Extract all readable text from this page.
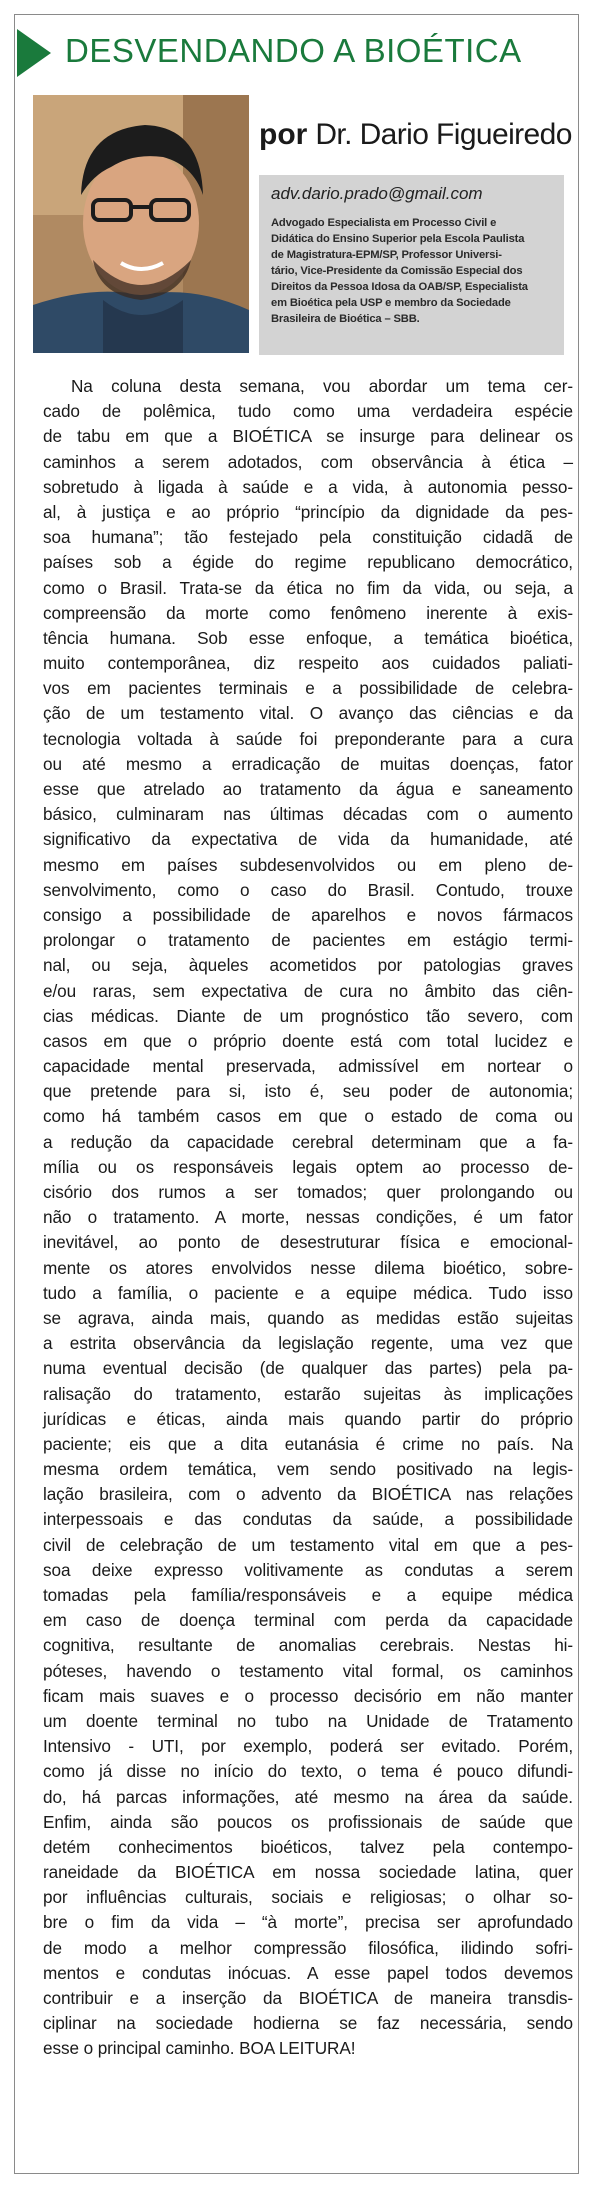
DESVENDANDO A BIOÉTICA
por Dr. Dario Figueiredo
adv.dario.prado@gmail.com
Advogado Especialista em Processo Civil e
Didática do Ensino Superior pela Escola Paulista
de Magistratura-EPM/SP, Professor Universi-
tário, Vice-Presidente da Comissão Especial dos
Direitos da Pessoa Idosa da OAB/SP, Especialista
em Bioética pela USP e membro da Sociedade
Brasileira de Bioética – SBB.
Na coluna desta semana, vou abordar um tema cer-
cado de polêmica, tudo como uma verdadeira espécie
de tabu em que a BIOÉTICA se insurge para delinear os
caminhos a serem adotados, com observância à ética –
sobretudo à ligada à saúde e a vida, à autonomia pesso-
al, à justiça e ao próprio “princípio da dignidade da pes-
soa humana”; tão festejado pela constituição cidadã de
países sob a égide do regime republicano democrático,
como o Brasil. Trata-se da ética no fim da vida, ou seja, a
compreensão da morte como fenômeno inerente à exis-
tência humana. Sob esse enfoque, a temática bioética,
muito contemporânea, diz respeito aos cuidados paliati-
vos em pacientes terminais e a possibilidade de celebra-
ção de um testamento vital. O avanço das ciências e da
tecnologia voltada à saúde foi preponderante para a cura
ou até mesmo a erradicação de muitas doenças, fator
esse que atrelado ao tratamento da água e saneamento
básico, culminaram nas últimas décadas com o aumento
significativo da expectativa de vida da humanidade, até
mesmo em países subdesenvolvidos ou em pleno de-
senvolvimento, como o caso do Brasil. Contudo, trouxe
consigo a possibilidade de aparelhos e novos fármacos
prolongar o tratamento de pacientes em estágio termi-
nal, ou seja, àqueles acometidos por patologias graves
e/ou raras, sem expectativa de cura no âmbito das ciên-
cias médicas. Diante de um prognóstico tão severo, com
casos em que o próprio doente está com total lucidez e
capacidade mental preservada, admissível em nortear o
que pretende para si, isto é, seu poder de autonomia;
como há também casos em que o estado de coma ou
a redução da capacidade cerebral determinam que a fa-
mília ou os responsáveis legais optem ao processo de-
cisório dos rumos a ser tomados; quer prolongando ou
não o tratamento. A morte, nessas condições, é um fator
inevitável, ao ponto de desestruturar física e emocional-
mente os atores envolvidos nesse dilema bioético, sobre-
tudo a família, o paciente e a equipe médica. Tudo isso
se agrava, ainda mais, quando as medidas estão sujeitas
a estrita observância da legislação regente, uma vez que
numa eventual decisão (de qualquer das partes) pela pa-
ralisação do tratamento, estarão sujeitas às implicações
jurídicas e éticas, ainda mais quando partir do próprio
paciente; eis que a dita eutanásia é crime no país. Na
mesma ordem temática, vem sendo positivado na legis-
lação brasileira, com o advento da BIOÉTICA nas relações
interpessoais e das condutas da saúde, a possibilidade
civil de celebração de um testamento vital em que a pes-
soa deixe expresso volitivamente as condutas a serem
tomadas pela família/responsáveis e a equipe médica
em caso de doença terminal com perda da capacidade
cognitiva, resultante de anomalias cerebrais. Nestas hi-
póteses, havendo o testamento vital formal, os caminhos
ficam mais suaves e o processo decisório em não manter
um doente terminal no tubo na Unidade de Tratamento
Intensivo - UTI, por exemplo, poderá ser evitado. Porém,
como já disse no início do texto, o tema é pouco difundi-
do, há parcas informações, até mesmo na área da saúde.
Enfim, ainda são poucos os profissionais de saúde que
detém conhecimentos bioéticos, talvez pela contempo-
raneidade da BIOÉTICA em nossa sociedade latina, quer
por influências culturais, sociais e religiosas; o olhar so-
bre o fim da vida – “à morte”, precisa ser aprofundado
de modo a melhor compressão filosófica, ilidindo sofri-
mentos e condutas inócuas. A esse papel todos devemos
contribuir e a inserção da BIOÉTICA de maneira transdis-
ciplinar na sociedade hodierna se faz necessária, sendo
esse o principal caminho. BOA LEITURA!
